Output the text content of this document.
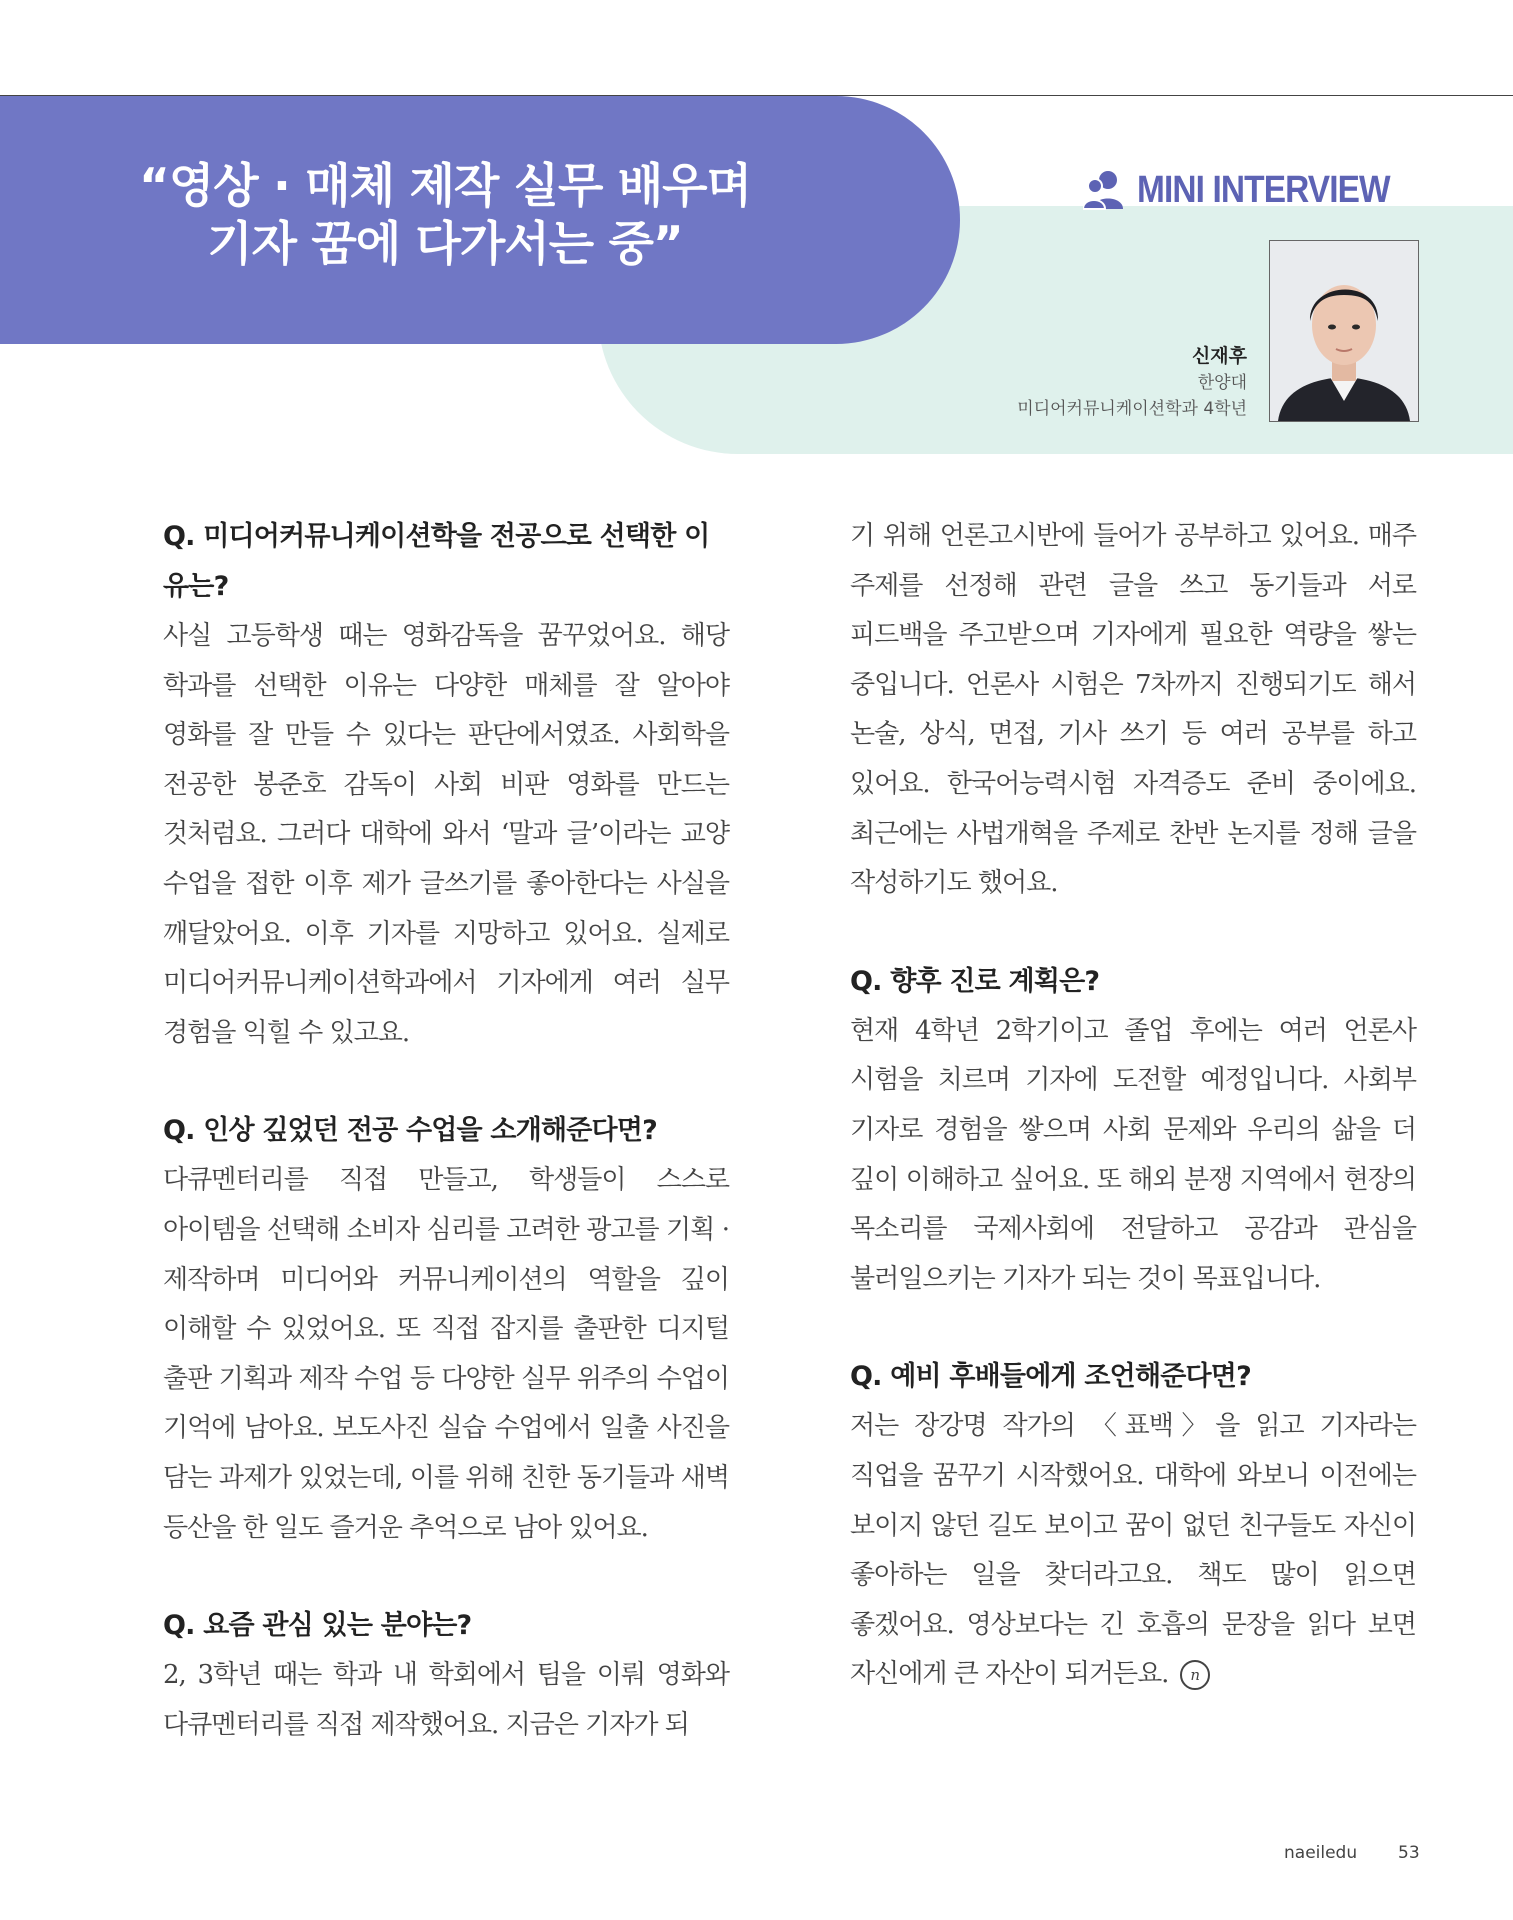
“영상 · 매체 제작 실무 배우며
기자 꿈에 다가서는 중”
MINI INTERVIEW
신재후
한양대
미디어커뮤니케이션학과 4학년
Q. 미디어커뮤니케이션학을 전공으로 선택한 이유는?
사실 고등학생 때는 영화감독을 꿈꾸었어요. 해당 학과를 선택한 이유는 다양한 매체를 잘 알아야 영화를 잘 만들 수 있다는 판단에서였죠. 사회학을 전공한 봉준호 감독이 사회 비판 영화를 만드는 것처럼요. 그러다 대학에 와서 ‘말과 글’이라는 교양 수업을 접한 이후 제가 글쓰기를 좋아한다는 사실을 깨달았어요. 이후 기자를 지망하고 있어요. 실제로 미디어커뮤니케이션학과에서 기자에게 여러 실무 경험을 익힐 수 있고요.
Q. 인상 깊었던 전공 수업을 소개해준다면?
다큐멘터리를 직접 만들고, 학생들이 스스로 아이템을 선택해 소비자 심리를 고려한 광고를 기획 · 제작하며 미디어와 커뮤니케이션의 역할을 깊이 이해할 수 있었어요. 또 직접 잡지를 출판한 디지털 출판 기획과 제작 수업 등 다양한 실무 위주의 수업이 기억에 남아요. 보도사진 실습 수업에서 일출 사진을 담는 과제가 있었는데, 이를 위해 친한 동기들과 새벽 등산을 한 일도 즐거운 추억으로 남아 있어요.
Q. 요즘 관심 있는 분야는?
2, 3학년 때는 학과 내 학회에서 팀을 이뤄 영화와 다큐멘터리를 직접 제작했어요. 지금은 기자가 되
기 위해 언론고시반에 들어가 공부하고 있어요. 매주 주제를 선정해 관련 글을 쓰고 동기들과 서로 피드백을 주고받으며 기자에게 필요한 역량을 쌓는 중입니다. 언론사 시험은 7차까지 진행되기도 해서 논술, 상식, 면접, 기사 쓰기 등 여러 공부를 하고 있어요. 한국어능력시험 자격증도 준비 중이에요. 최근에는 사법개혁을 주제로 찬반 논지를 정해 글을 작성하기도 했어요.
Q. 향후 진로 계획은?
현재 4학년 2학기이고 졸업 후에는 여러 언론사 시험을 치르며 기자에 도전할 예정입니다. 사회부 기자로 경험을 쌓으며 사회 문제와 우리의 삶을 더 깊이 이해하고 싶어요. 또 해외 분쟁 지역에서 현장의 목소리를 국제사회에 전달하고 공감과 관심을 불러일으키는 기자가 되는 것이 목표입니다.
Q. 예비 후배들에게 조언해준다면?
저는 장강명 작가의 〈표백〉을 읽고 기자라는 직업을 꿈꾸기 시작했어요. 대학에 와보니 이전에는 보이지 않던 길도 보이고 꿈이 없던 친구들도 자신이 좋아하는 일을 찾더라고요. 책도 많이 읽으면 좋겠어요. 영상보다는 긴 호흡의 문장을 읽다 보면 자신에게 큰 자산이 되거든요. n
naeiledu 53
